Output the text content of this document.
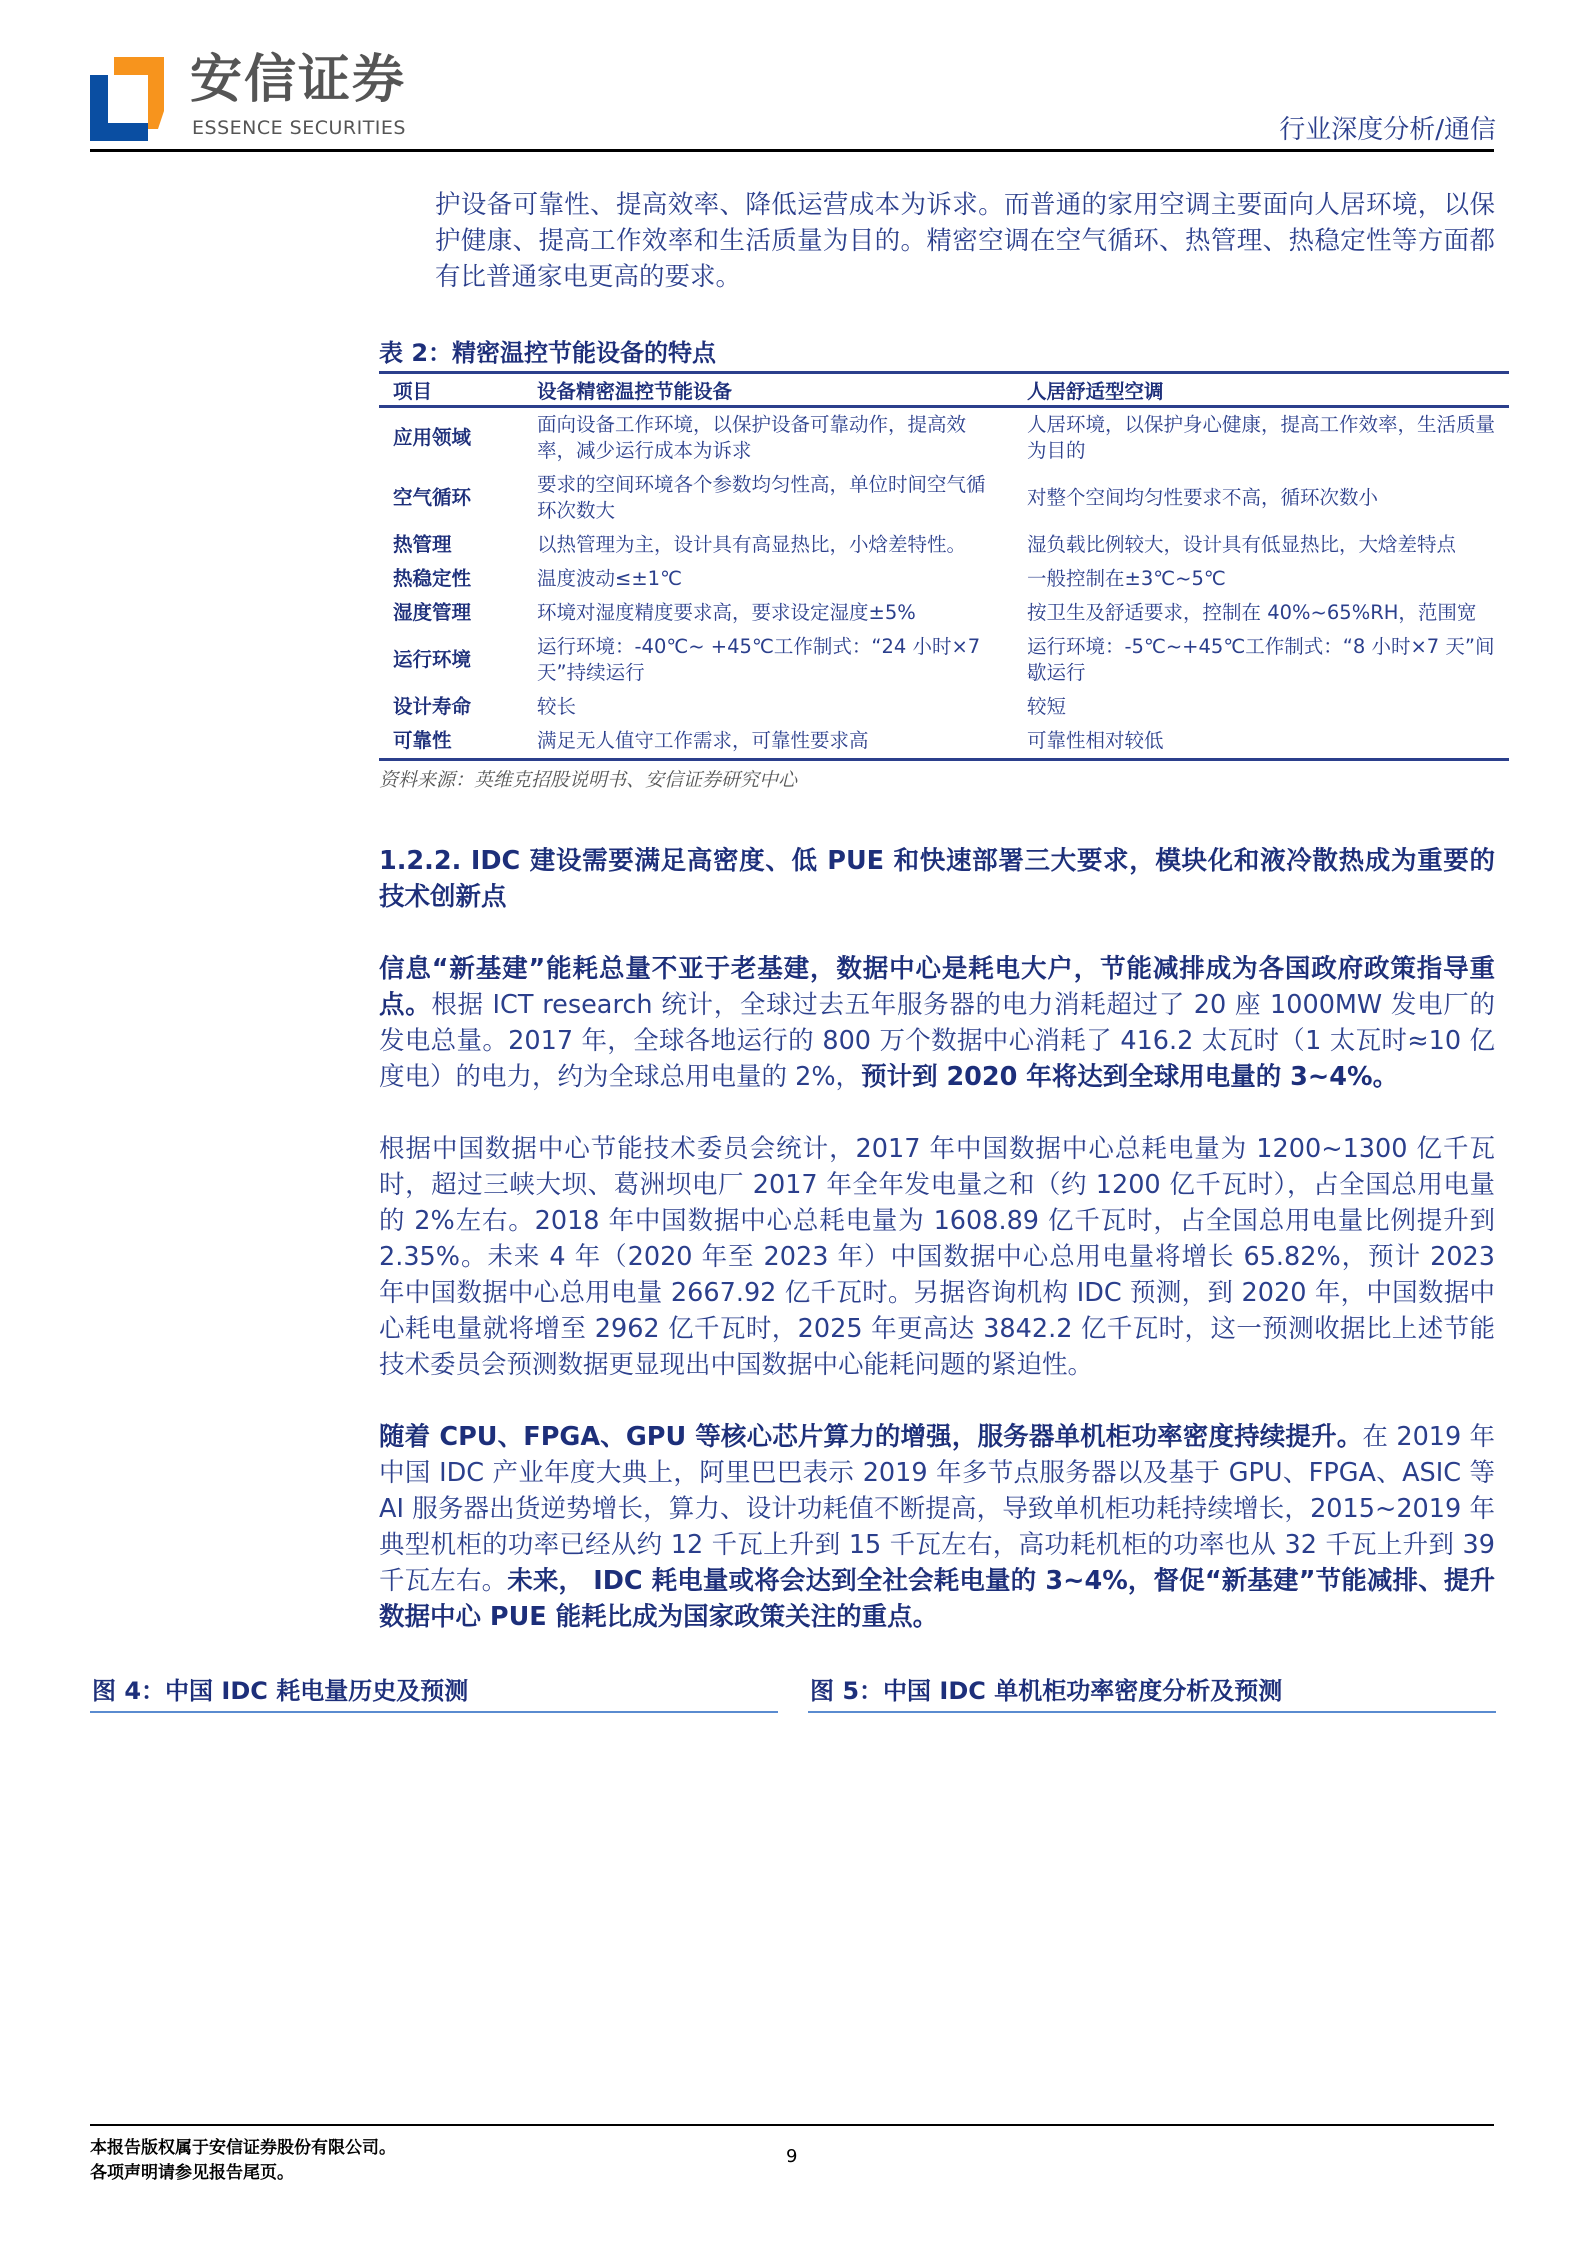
安信证券
ESSENCE SECURITIES	行业深度分析/通信
护设备可靠性、提高效率、降低运营成本为诉求。而普通的家用空调主要面向人居环境，以保护健康、提高工作效率和生活质量为目的。精密空调在空气循环、热管理、热稳定性等方面都有比普通家电更高的要求。
表 2：精密温控节能设备的特点
项目	设备精密温控节能设备	人居舒适型空调
应用领域	面向设备工作环境，以保护设备可靠动作，提高效率，减少运行成本为诉求	人居环境，以保护身心健康，提高工作效率，生活质量为目的
空气循环	要求的空间环境各个参数均匀性高，单位时间空气循环次数大	对整个空间均匀性要求不高，循环次数小
热管理	以热管理为主，设计具有高显热比，小焓差特性。	湿负载比例较大，设计具有低显热比，大焓差特点
热稳定性	温度波动≤±1℃	一般控制在±3℃~5℃
湿度管理	环境对湿度精度要求高，要求设定湿度±5%	按卫生及舒适要求，控制在 40%~65%RH，范围宽
运行环境	运行环境：-40℃~ +45℃工作制式：“24 小时×7 天”持续运行	运行环境：-5℃~+45℃工作制式：“8 小时×7 天”间歇运行
设计寿命	较长	较短
可靠性	满足无人值守工作需求，可靠性要求高	可靠性相对较低
资料来源：英维克招股说明书、安信证券研究中心
1.2.2. IDC 建设需要满足高密度、低 PUE 和快速部署三大要求，模块化和液冷散热成为重要的技术创新点

信息“新基建”能耗总量不亚于老基建，数据中心是耗电大户，节能减排成为各国政府政策指导重点。根据 ICT research 统计，全球过去五年服务器的电力消耗超过了 20 座 1000MW 发电厂的发电总量。2017 年，全球各地运行的 800 万个数据中心消耗了 416.2 太瓦时（1 太瓦时≈10 亿度电）的电力，约为全球总用电量的 2%，预计到 2020 年将达到全球用电量的 3~4%。

根据中国数据中心节能技术委员会统计，2017 年中国数据中心总耗电量为 1200~1300 亿千瓦时，超过三峡大坝、葛洲坝电厂 2017 年全年发电量之和（约 1200 亿千瓦时），占全国总用电量的 2%左右。2018 年中国数据中心总耗电量为 1608.89 亿千瓦时，占全国总用电量比例提升到 2.35%。未来 4 年（2020 年至 2023 年）中国数据中心总用电量将增长 65.82%，预计 2023 年中国数据中心总用电量 2667.92 亿千瓦时。另据咨询机构 IDC 预测，到 2020 年，中国数据中心耗电量就将增至 2962 亿千瓦时，2025 年更高达 3842.2 亿千瓦时，这一预测收据比上述节能技术委员会预测数据更显现出中国数据中心能耗问题的紧迫性。

随着 CPU、FPGA、GPU 等核心芯片算力的增强，服务器单机柜功率密度持续提升。在 2019 年中国 IDC 产业年度大典上，阿里巴巴表示 2019 年多节点服务器以及基于 GPU、FPGA、ASIC 等 AI 服务器出货逆势增长，算力、设计功耗值不断提高，导致单机柜功耗持续增长，2015~2019 年典型机柜的功率已经从约 12 千瓦上升到 15 千瓦左右，高功耗机柜的功率也从 32 千瓦上升到 39 千瓦左右。未来， IDC 耗电量或将会达到全社会耗电量的 3~4%，督促“新基建”节能减排、提升数据中心 PUE 能耗比成为国家政策关注的重点。

图 4：中国 IDC 耗电量历史及预测	图 5：中国 IDC 单机柜功率密度分析及预测
本报告版权属于安信证券股份有限公司。
各项声明请参见报告尾页。
9
